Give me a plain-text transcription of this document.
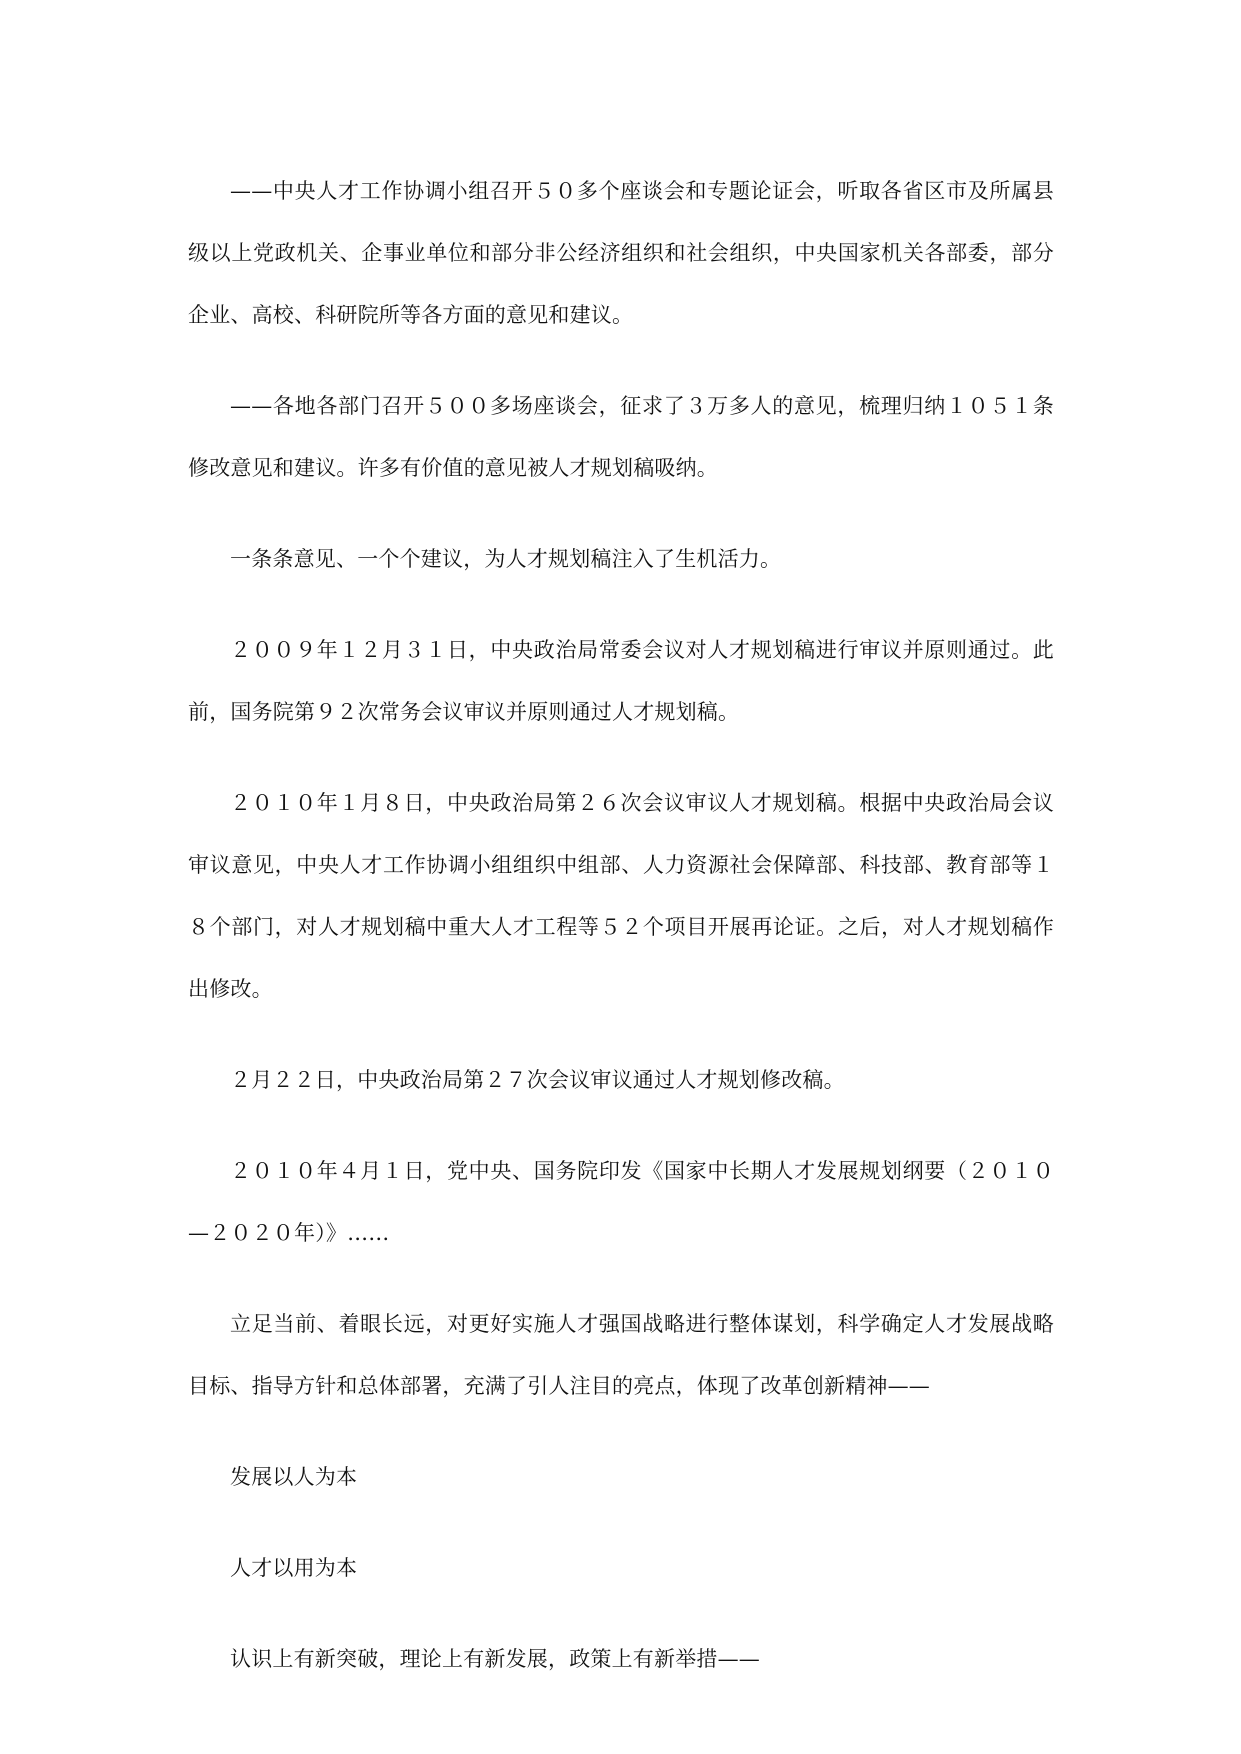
——中央人才工作协调小组召开５０多个座谈会和专题论证会，听取各省区市及所属县级以上党政机关、企事业单位和部分非公经济组织和社会组织，中央国家机关各部委，部分企业、高校、科研院所等各方面的意见和建议。

——各地各部门召开５００多场座谈会，征求了３万多人的意见，梳理归纳１０５１条修改意见和建议。许多有价值的意见被人才规划稿吸纳。

一条条意见、一个个建议，为人才规划稿注入了生机活力。

２００９年１２月３１日，中央政治局常委会议对人才规划稿进行审议并原则通过。此前，国务院第９２次常务会议审议并原则通过人才规划稿。

２０１０年１月８日，中央政治局第２６次会议审议人才规划稿。根据中央政治局会议审议意见，中央人才工作协调小组组织中组部、人力资源社会保障部、科技部、教育部等１８个部门，对人才规划稿中重大人才工程等５２个项目开展再论证。之后，对人才规划稿作出修改。

２月２２日，中央政治局第２７次会议审议通过人才规划修改稿。

２０１０年４月１日，党中央、国务院印发《国家中长期人才发展规划纲要（２０１０—２０２０年）》……

立足当前、着眼长远，对更好实施人才强国战略进行整体谋划，科学确定人才发展战略目标、指导方针和总体部署，充满了引人注目的亮点，体现了改革创新精神——

发展以人为本

人才以用为本

认识上有新突破，理论上有新发展，政策上有新举措——
